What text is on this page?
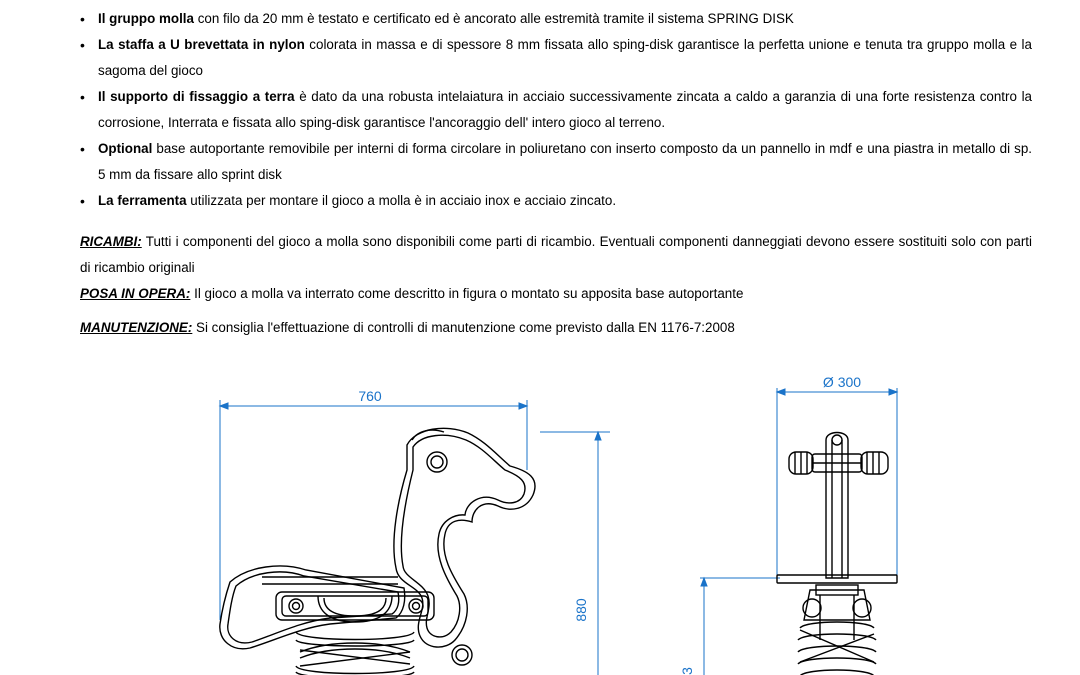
• Il gruppo molla con filo da 20 mm è testato e certificato ed è ancorato alle estremità tramite il sistema SPRING DISK
• La staffa a U brevettata in nylon colorata in massa e di spessore 8 mm fissata allo sping-disk garantisce la perfetta unione e tenuta tra gruppo molla e la sagoma del gioco
• Il supporto di fissaggio a terra è dato da una robusta intelaiatura in acciaio successivamente zincata a caldo a garanzia di una forte resistenza contro la corrosione, Interrata e fissata allo sping-disk garantisce l'ancoraggio dell' intero gioco al terreno.
• Optional base autoportante removibile per interni di forma circolare in poliuretano con inserto composto da un pannello in mdf e una piastra in metallo di sp. 5 mm da fissare allo sprint disk
• La ferramenta utilizzata per montare il gioco a molla è in acciaio inox e acciaio zincato.

RICAMBI: Tutti i componenti del gioco a molla sono disponibili come parti di ricambio. Eventuali componenti danneggiati devono essere sostituiti solo con parti di ricambio originali

POSA IN OPERA: Il gioco a molla va interrato come descritto in figura o montato su apposita base autoportante

MANUTENZIONE: Si consiglia l'effettuazione di controlli di manutenzione come previsto dalla EN 1176-7:2008

760
880
Ø 300
3
